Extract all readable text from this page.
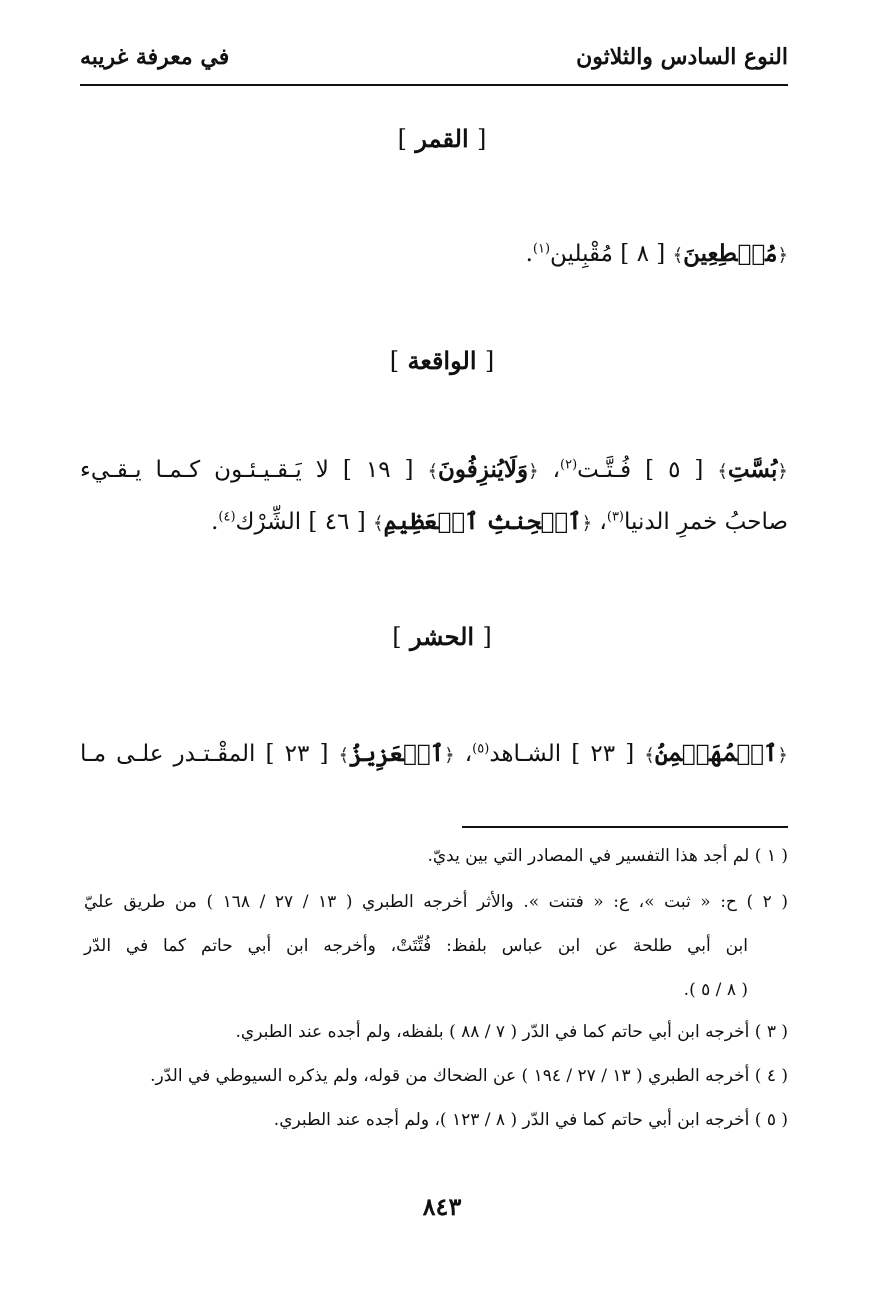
النوع السادس والثلاثون
في معرفة غريبه
[ القمر ]
﴿مُهۡطِعِينَ﴾ [ ٨ ] مُقْبِلين$^{(١)}$.
[ الواقعة ]
﴿بُسَّتِ﴾ [ ٥ ] فُـتَّـت$^{(٢)}$، ﴿وَلَايُنزِفُونَ﴾ [ ١٩ ] لا يَـقـيـئـون كـمـا يـقـيء
صاحبُ خمرِ الدنيا$^{(٣)}$، ﴿ٱلۡحِنثِ ٱلۡعَظِيمِ﴾ [ ٤٦ ] الشِّرْك$^{(٤)}$.
[ الحشر ]
﴿ٱلۡمُهَيۡمِنُ﴾ [ ٢٣ ] الشـاهد$^{(٥)}$، ﴿ٱلۡعَزِيزُ﴾ [ ٢٣ ] المقْـتـدر علـى مـا
( ١ ) لم أجد هذا التفسير في المصادر التي بين يديّ.
( ٢ ) ح: « ثبت »، ع: « فتنت ». والأثر أخرجه الطبري ( ١٣ / ٢٧ / ١٦٨ ) من طريق عليّ
ابن أبي طلحة عن ابن عباس بلفظ: فُتِّتَتْ، وأخرجه ابن أبي حاتم كما في الدّر
( ٨ / ٥ ).
( ٣ ) أخرجه ابن أبي حاتم كما في الدّر ( ٧ / ٨٨ ) بلفظه، ولم أجده عند الطبري.
( ٤ ) أخرجه الطبري ( ١٣ / ٢٧ / ١٩٤ ) عن الضحاك من قوله، ولم يذكره السيوطي في الدّر.
( ٥ ) أخرجه ابن أبي حاتم كما في الدّر ( ٨ / ١٢٣ )، ولم أجده عند الطبري.
٨٤٣
